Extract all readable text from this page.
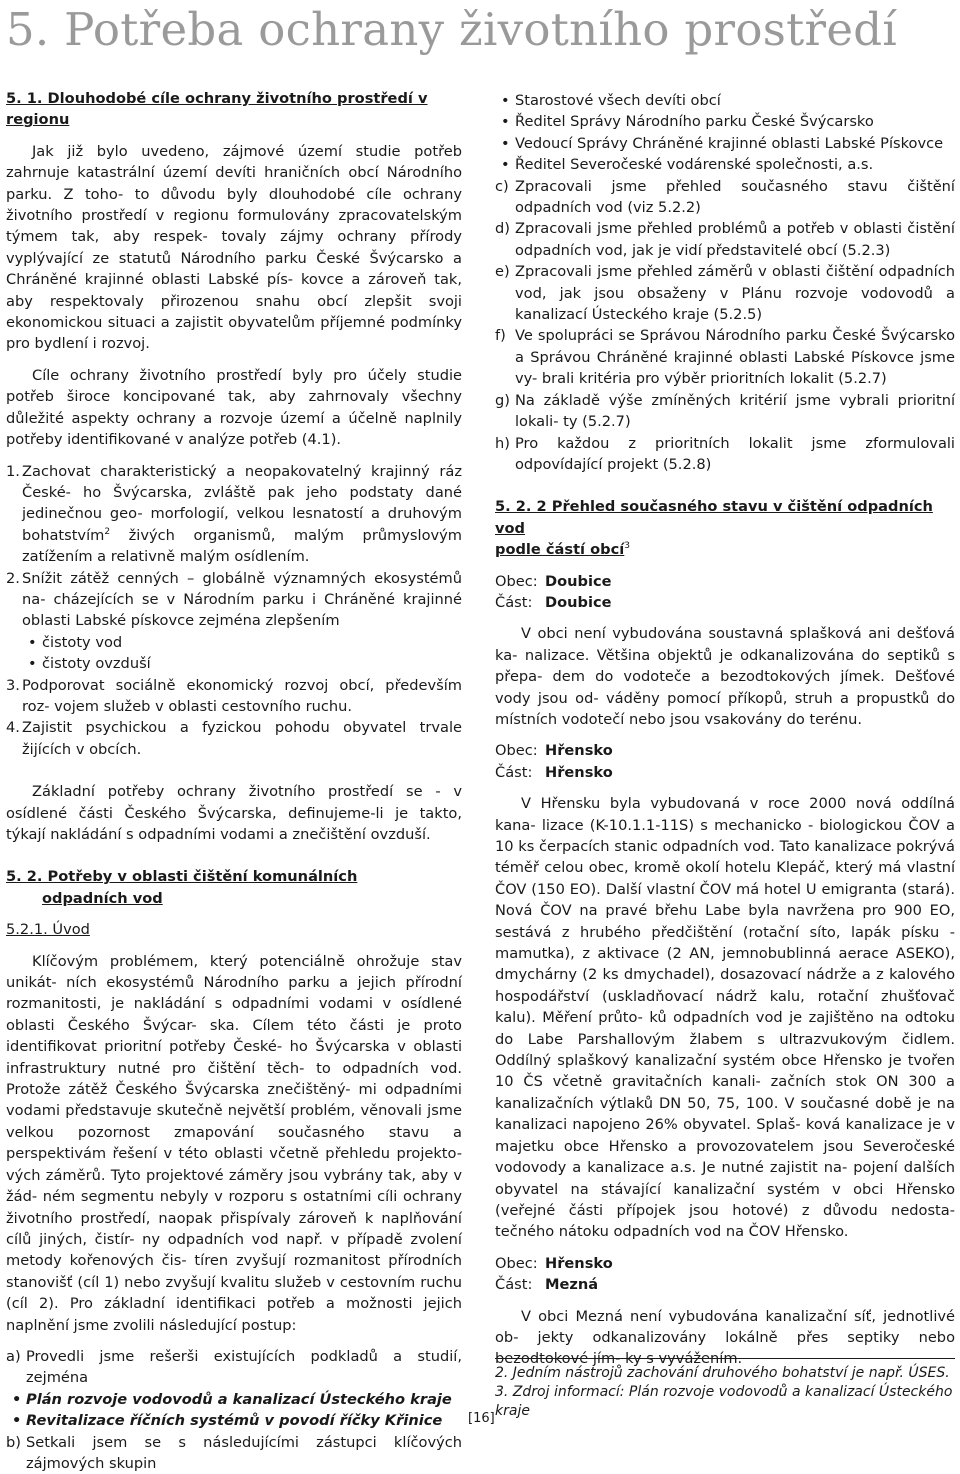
5. Potřeba ochrany životního prostředí
5. 1. Dlouhodobé cíle ochrany životního prostředí v regionu

Jak již bylo uvedeno, zájmové území studie potřeb zahrnuje katastrální území devíti hraničních obcí Národního parku. Z toho- to důvodu byly dlouhodobé cíle ochrany životního prostředí v regionu formulovány zpracovatelským týmem tak, aby respek- tovaly zájmy ochrany přírody vyplývající ze statutů Národního parku České Švýcarsko a Chráněné krajinné oblasti Labské pís- kovce a zároveň tak, aby respektovaly přirozenou snahu obcí zlepšit svoji ekonomickou situaci a zajistit obyvatelům příjemné podmínky pro bydlení i rozvoj.

Cíle ochrany životního prostředí byly pro účely studie potřeb široce koncipované tak, aby zahrnovaly všechny důležité aspekty ochrany a rozvoje území a účelně naplnily potřeby identifikované v analýze potřeb (4.1).

1. Zachovat charakteristický a neopakovatelný krajinný ráz České- ho Švýcarska, zvláště pak jeho podstaty dané jedinečnou geo- morfologií, velkou lesnatostí a druhovým bohatstvím$^2$ živých organismů, malým průmyslovým zatížením a relativně malým osídlením.
2. Snížit zátěž cenných – globálně významných ekosystémů na- cházejících se v Národním parku i Chráněné krajinné oblasti Labské pískovce zejména zlepšením
• čistoty vod
• čistoty ovzduší
3. Podporovat sociálně ekonomický rozvoj obcí, především roz- vojem služeb v oblasti cestovního ruchu.
4. Zajistit psychickou a fyzickou pohodu obyvatel trvale žijících v obcích.

Základní potřeby ochrany životního prostředí se - v osídlené části Českého Švýcarska, definujeme-li je takto, týkají nakládání s odpadními vodami a znečištění ovzduší.

5. 2. Potřeby v oblasti čištění komunálních
odpadních vod
5.2.1. Úvod

Klíčovým problémem, který potenciálně ohrožuje stav unikát- ních ekosystémů Národního parku a jejich přírodní rozmanitosti, je nakládání s odpadními vodami v osídlené oblasti Českého Švýcar- ska. Cílem této části je proto identifikovat prioritní potřeby České- ho Švýcarska v oblasti infrastruktury nutné pro čištění těch- to odpadních vod. Protože zátěž Českého Švýcarska znečištěný- mi odpadními vodami představuje skutečně největší problém, věnovali jsme velkou pozornost zmapování současného stavu a perspektivám řešení v této oblasti včetně přehledu projekto- vých záměrů. Tyto projektové záměry jsou vybrány tak, aby v žád- ném segmentu nebyly v rozporu s ostatními cíli ochrany životního prostředí, naopak přispívaly zároveň k naplňování cílů jiných, čistír- ny odpadních vod např. v případě zvolení metody kořenových čis- tíren zvyšují rozmanitost přírodních stanovišť (cíl 1) nebo zvyšují kvalitu služeb v cestovním ruchu (cíl 2). Pro základní identifikaci potřeb a možnosti jejich naplnění jsme zvolili následující postup:

a) Provedli jsme rešerši existujících podkladů a studií, zejména
• Plán rozvoje vodovodů a kanalizací Ústeckého kraje
• Revitalizace říčních systémů v povodí říčky Křinice
b) Setkali jsem se s následujícími zástupci klíčových zájmových skupin
• Starostové všech devíti obcí
• Ředitel Správy Národního parku České Švýcarsko
• Vedoucí Správy Chráněné krajinné oblasti Labské Pískovce
• Ředitel Severočeské vodárenské společnosti, a.s.
c) Zpracovali jsme přehled současného stavu čištění odpadních vod (viz 5.2.2)
d) Zpracovali jsme přehled problémů a potřeb v oblasti čistění odpadních vod, jak je vidí představitelé obcí (5.2.3)
e) Zpracovali jsme přehled záměrů v oblasti čištění odpadních vod, jak jsou obsaženy v Plánu rozvoje vodovodů a kanalizací Ústeckého kraje (5.2.5)
f) Ve spolupráci se Správou Národního parku České Švýcarsko a Správou Chráněné krajinné oblasti Labské Pískovce jsme vy- brali kritéria pro výběr prioritních lokalit (5.2.7)
g) Na základě výše zmíněných kritérií jsme vybrali prioritní lokali- ty (5.2.7)
h) Pro každou z prioritních lokalit jsme zformulovali odpovídající projekt (5.2.8)
5. 2. 2 Přehled současného stavu v čištění odpadních vod
podle částí obcí$^3$
Obec: Doubice
Část: Doubice

V obci není vybudována soustavná splašková ani dešťová ka- nalizace. Většina objektů je odkanalizována do septiků s přepa- dem do vodoteče a bezodtokových jímek. Dešťové vody jsou od- váděny pomocí příkopů, struh a propustků do místních vodotečí nebo jsou vsakovány do terénu.

Obec: Hřensko
Část: Hřensko

V Hřensku byla vybudovaná v roce 2000 nová oddílná kana- lizace (K-10.1.1-11S) s mechanicko - biologickou ČOV a 10 ks čerpacích stanic odpadních vod. Tato kanalizace pokrývá téměř celou obec, kromě okolí hotelu Klepáč, který má vlastní ČOV (150 EO). Další vlastní ČOV má hotel U emigranta (stará). Nová ČOV na pravé břehu Labe byla navržena pro 900 EO, sestává z hrubého předčištění (rotační síto, lapák písku - mamutka), z aktivace (2 AN, jemnobublinná aerace ASEKO), dmychárny (2 ks dmychadel), dosazovací nádrže a z kalového hospodářství (uskladňovací nádrž kalu, rotační zhušťovač kalu). Měření průto- ků odpadních vod je zajištěno na odtoku do Labe Parshallovým žlabem s ultrazvukovým čidlem. Oddílný splaškový kanalizační systém obce Hřensko je tvořen 10 ČS včetně gravitačních kanali- začních stok ON 300 a kanalizačních výtlaků DN 50, 75, 100. V současné době je na kanalizaci napojeno 26% obyvatel. Splaš- ková kanalizace je v majetku obce Hřensko a provozovatelem jsou Severočeské vodovody a kanalizace a.s. Je nutné zajistit na- pojení dalších obyvatel na stávající kanalizační systém v obci Hřensko (veřejné části přípojek jsou hotové) z důvodu nedosta- tečného nátoku odpadních vod na ČOV Hřensko.

Obec: Hřensko
Část: Mezná

V obci Mezná není vybudována kanalizační síť, jednotlivé ob- jekty odkanalizovány lokálně přes septiky nebo bezodtokové jím- ky s vyvážením.

2. Jedním nástrojů zachování druhového bohatství je např. ÚSES.
3. Zdroj informací: Plán rozvoje vodovodů a kanalizací Ústeckého kraje
[16]
